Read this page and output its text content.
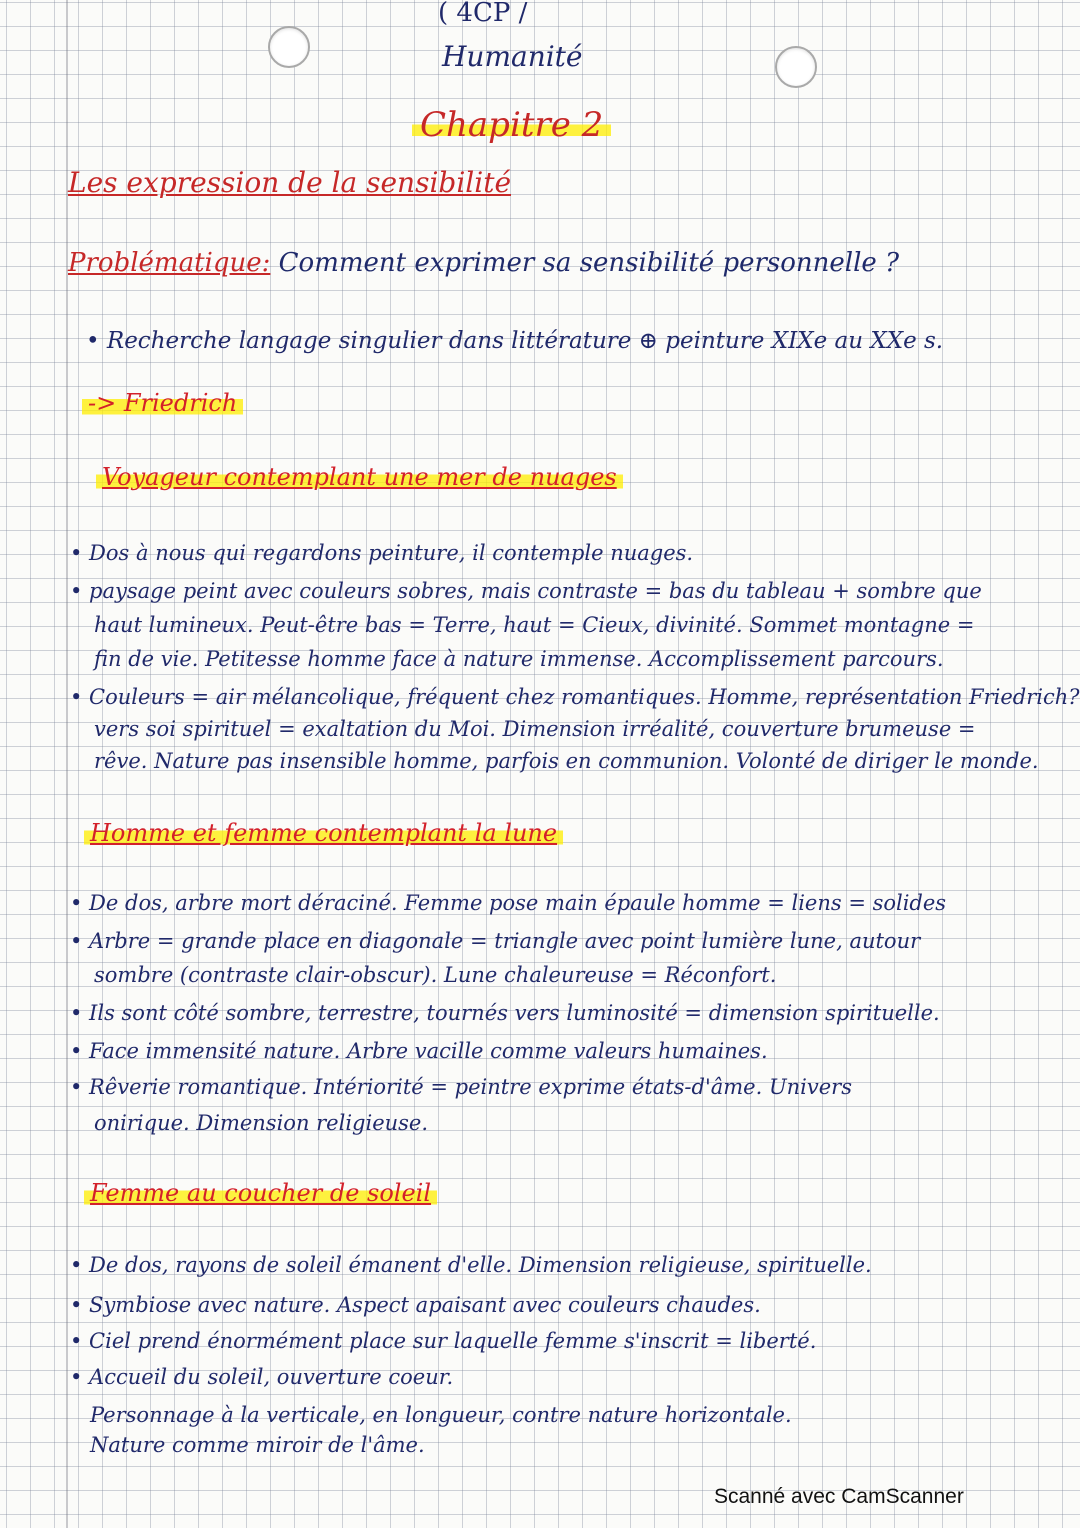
( 4CP /
Humanité
Chapitre 2
Les expression de la sensibilité
Problématique: Comment exprimer sa sensibilité personnelle ?
• Recherche langage singulier dans littérature ⊕ peinture XIXe au XXe s.
-> Friedrich
Voyageur contemplant une mer de nuages
• Dos à nous qui regardons peinture, il contemple nuages.
• paysage peint avec couleurs sobres, mais contraste = bas du tableau + sombre que
haut lumineux. Peut-être bas = Terre, haut = Cieux, divinité. Sommet montagne =
fin de vie. Petitesse homme face à nature immense. Accomplissement parcours.
• Couleurs = air mélancolique, fréquent chez romantiques. Homme, représentation Friedrich?
vers soi spirituel = exaltation du Moi. Dimension irréalité, couverture brumeuse =
rêve. Nature pas insensible homme, parfois en communion. Volonté de diriger le monde.
Homme et femme contemplant la lune
• De dos, arbre mort déraciné. Femme pose main épaule homme = liens = solides
• Arbre = grande place en diagonale = triangle avec point lumière lune, autour
sombre (contraste clair-obscur). Lune chaleureuse = Réconfort.
• Ils sont côté sombre, terrestre, tournés vers luminosité = dimension spirituelle.
• Face immensité nature. Arbre vacille comme valeurs humaines.
• Rêverie romantique. Intériorité = peintre exprime états-d'âme. Univers
onirique. Dimension religieuse.
Femme au coucher de soleil
• De dos, rayons de soleil émanent d'elle. Dimension religieuse, spirituelle.
• Symbiose avec nature. Aspect apaisant avec couleurs chaudes.
• Ciel prend énormément place sur laquelle femme s'inscrit = liberté.
• Accueil du soleil, ouverture coeur.
Personnage à la verticale, en longueur, contre nature horizontale.
Nature comme miroir de l'âme.
Scanné avec CamScanner
